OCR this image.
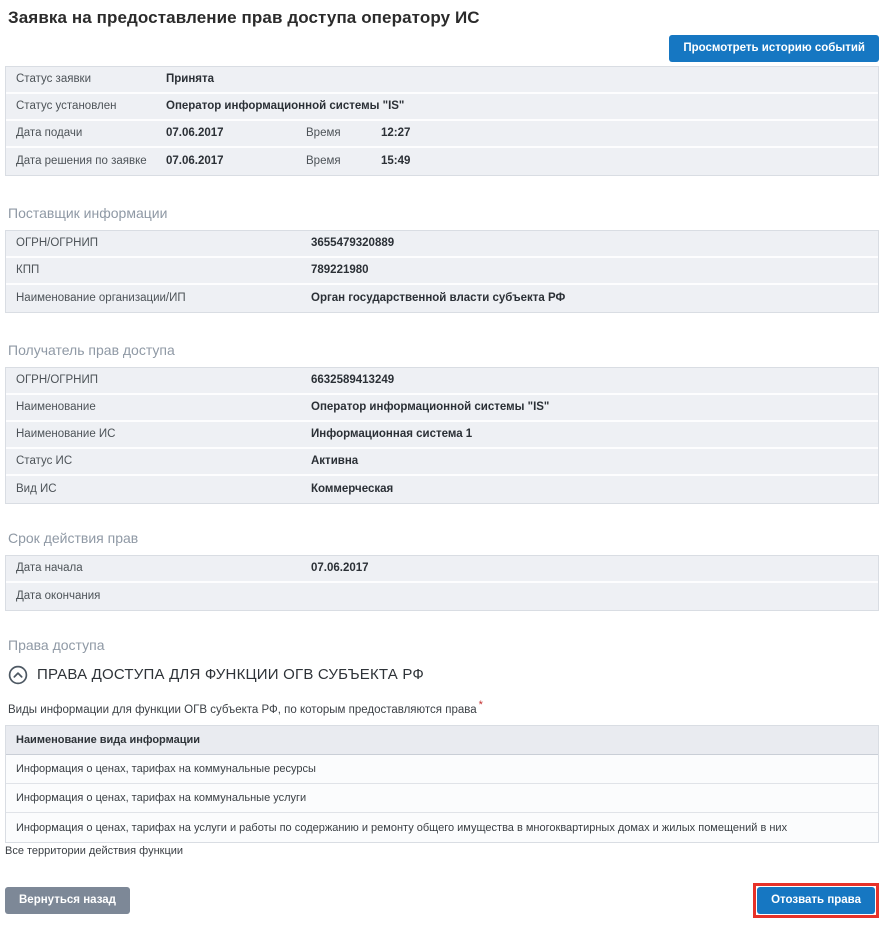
Заявка на предоставление прав доступа оператору ИС
Просмотреть историю событий
Статус заявки	Принята
Статус установлен	Оператор информационной системы "IS"
Дата подачи	07.06.2017	Время	12:27
Дата решения по заявке	07.06.2017	Время	15:49
Поставщик информации
ОГРН/ОГРНИП	3655479320889
КПП	789221980
Наименование организации/ИП	Орган государственной власти субъекта РФ
Получатель прав доступа
ОГРН/ОГРНИП	6632589413249
Наименование	Оператор информационной системы "IS"
Наименование ИС	Информационная система 1
Статус ИС	Активна
Вид ИС	Коммерческая
Срок действия прав
Дата начала	07.06.2017
Дата окончания
Права доступа
ПРАВА ДОСТУПА ДЛЯ ФУНКЦИИ ОГВ СУБЪЕКТА РФ
Виды информации для функции ОГВ субъекта РФ, по которым предоставляются права *
Наименование вида информации
Информация о ценах, тарифах на коммунальные ресурсы
Информация о ценах, тарифах на коммунальные услуги
Информация о ценах, тарифах на услуги и работы по содержанию и ремонту общего имущества в многоквартирных домах и жилых помещений в них
Все территории действия функции
Вернуться назад	Отозвать права
